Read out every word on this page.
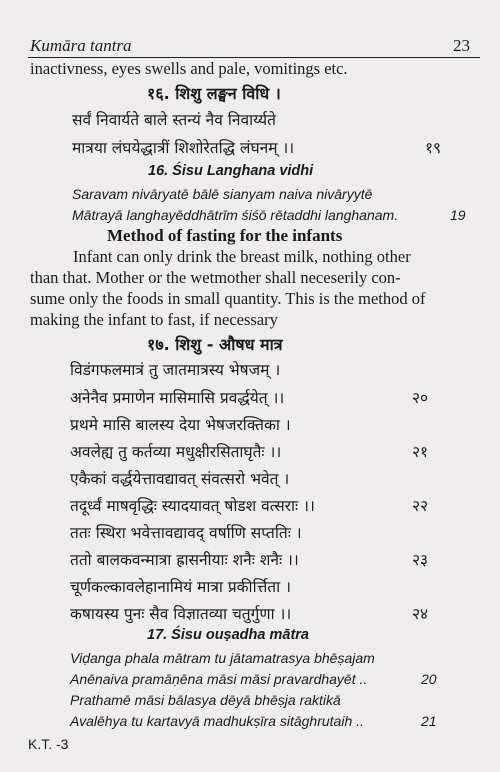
Kumāra tantra	23
inactivness, eyes swells and pale, vomitings etc.
१६. शिशु लङ्घन विधि ।
सर्वं निवार्यते बाले स्तन्यं नैव निवार्य्यते
मात्रया लंघयेद्धात्रीं शिशोरेतद्धि लंघनम् ।।	१९
16. Śisu Langhana vidhi
Saravam nivāryatē bālē sianyam naiva nivāryytē
Mātrayā langhayēddhātrīm śiśō rētaddhi langhanam.	19
Method of fasting for the infants
Infant can only drink the breast milk, nothing other
than that. Mother or the wetmother shall neceserily con-
sume only the foods in small quantity. This is the method of
making the infant to fast, if necessary
१७. शिशु - औषध मात्र
विडंगफलमात्रं तु जातमात्रस्य भेषजम् ।
अनेनैव प्रमाणेन मासिमासि प्रवर्द्धयेत् ।।	२०
प्रथमे मासि बालस्य देया भेषजरक्तिका ।
अवलेह्य तु कर्तव्या मधुक्षीरसिताघृतैः ।।	२१
एकैकां वर्द्धयेत्तावद्यावत् संवत्सरो भवेत् ।
तदूर्ध्वं माषवृद्धिः स्यादयावत् षोडश वत्सराः ।।	२२
ततः स्थिरा भवेत्तावद्यावद् वर्षाणि सप्ततिः ।
ततो बालकवन्मात्रा ह्रासनीयाः शनैः शनैः ।।	२३
चूर्णकल्कावलेहानामियं मात्रा प्रकीर्त्तिता ।
कषायस्य पुनः सैव विज्ञातव्या चतुर्गुणा ।।	२४
17. Śisu ouṣadha mātra
Viḍanga phala mātram tu jātamatrasya bhēṣajam
Anēnaiva pramāṇēna māsi māsi pravardhayēt ..	20
Prathamē māsi bālasya dēyā bhēṣja raktikā
Avalēhya tu kartavyā madhukṣīra sitāghrutaih ..	21
K.T. -3
